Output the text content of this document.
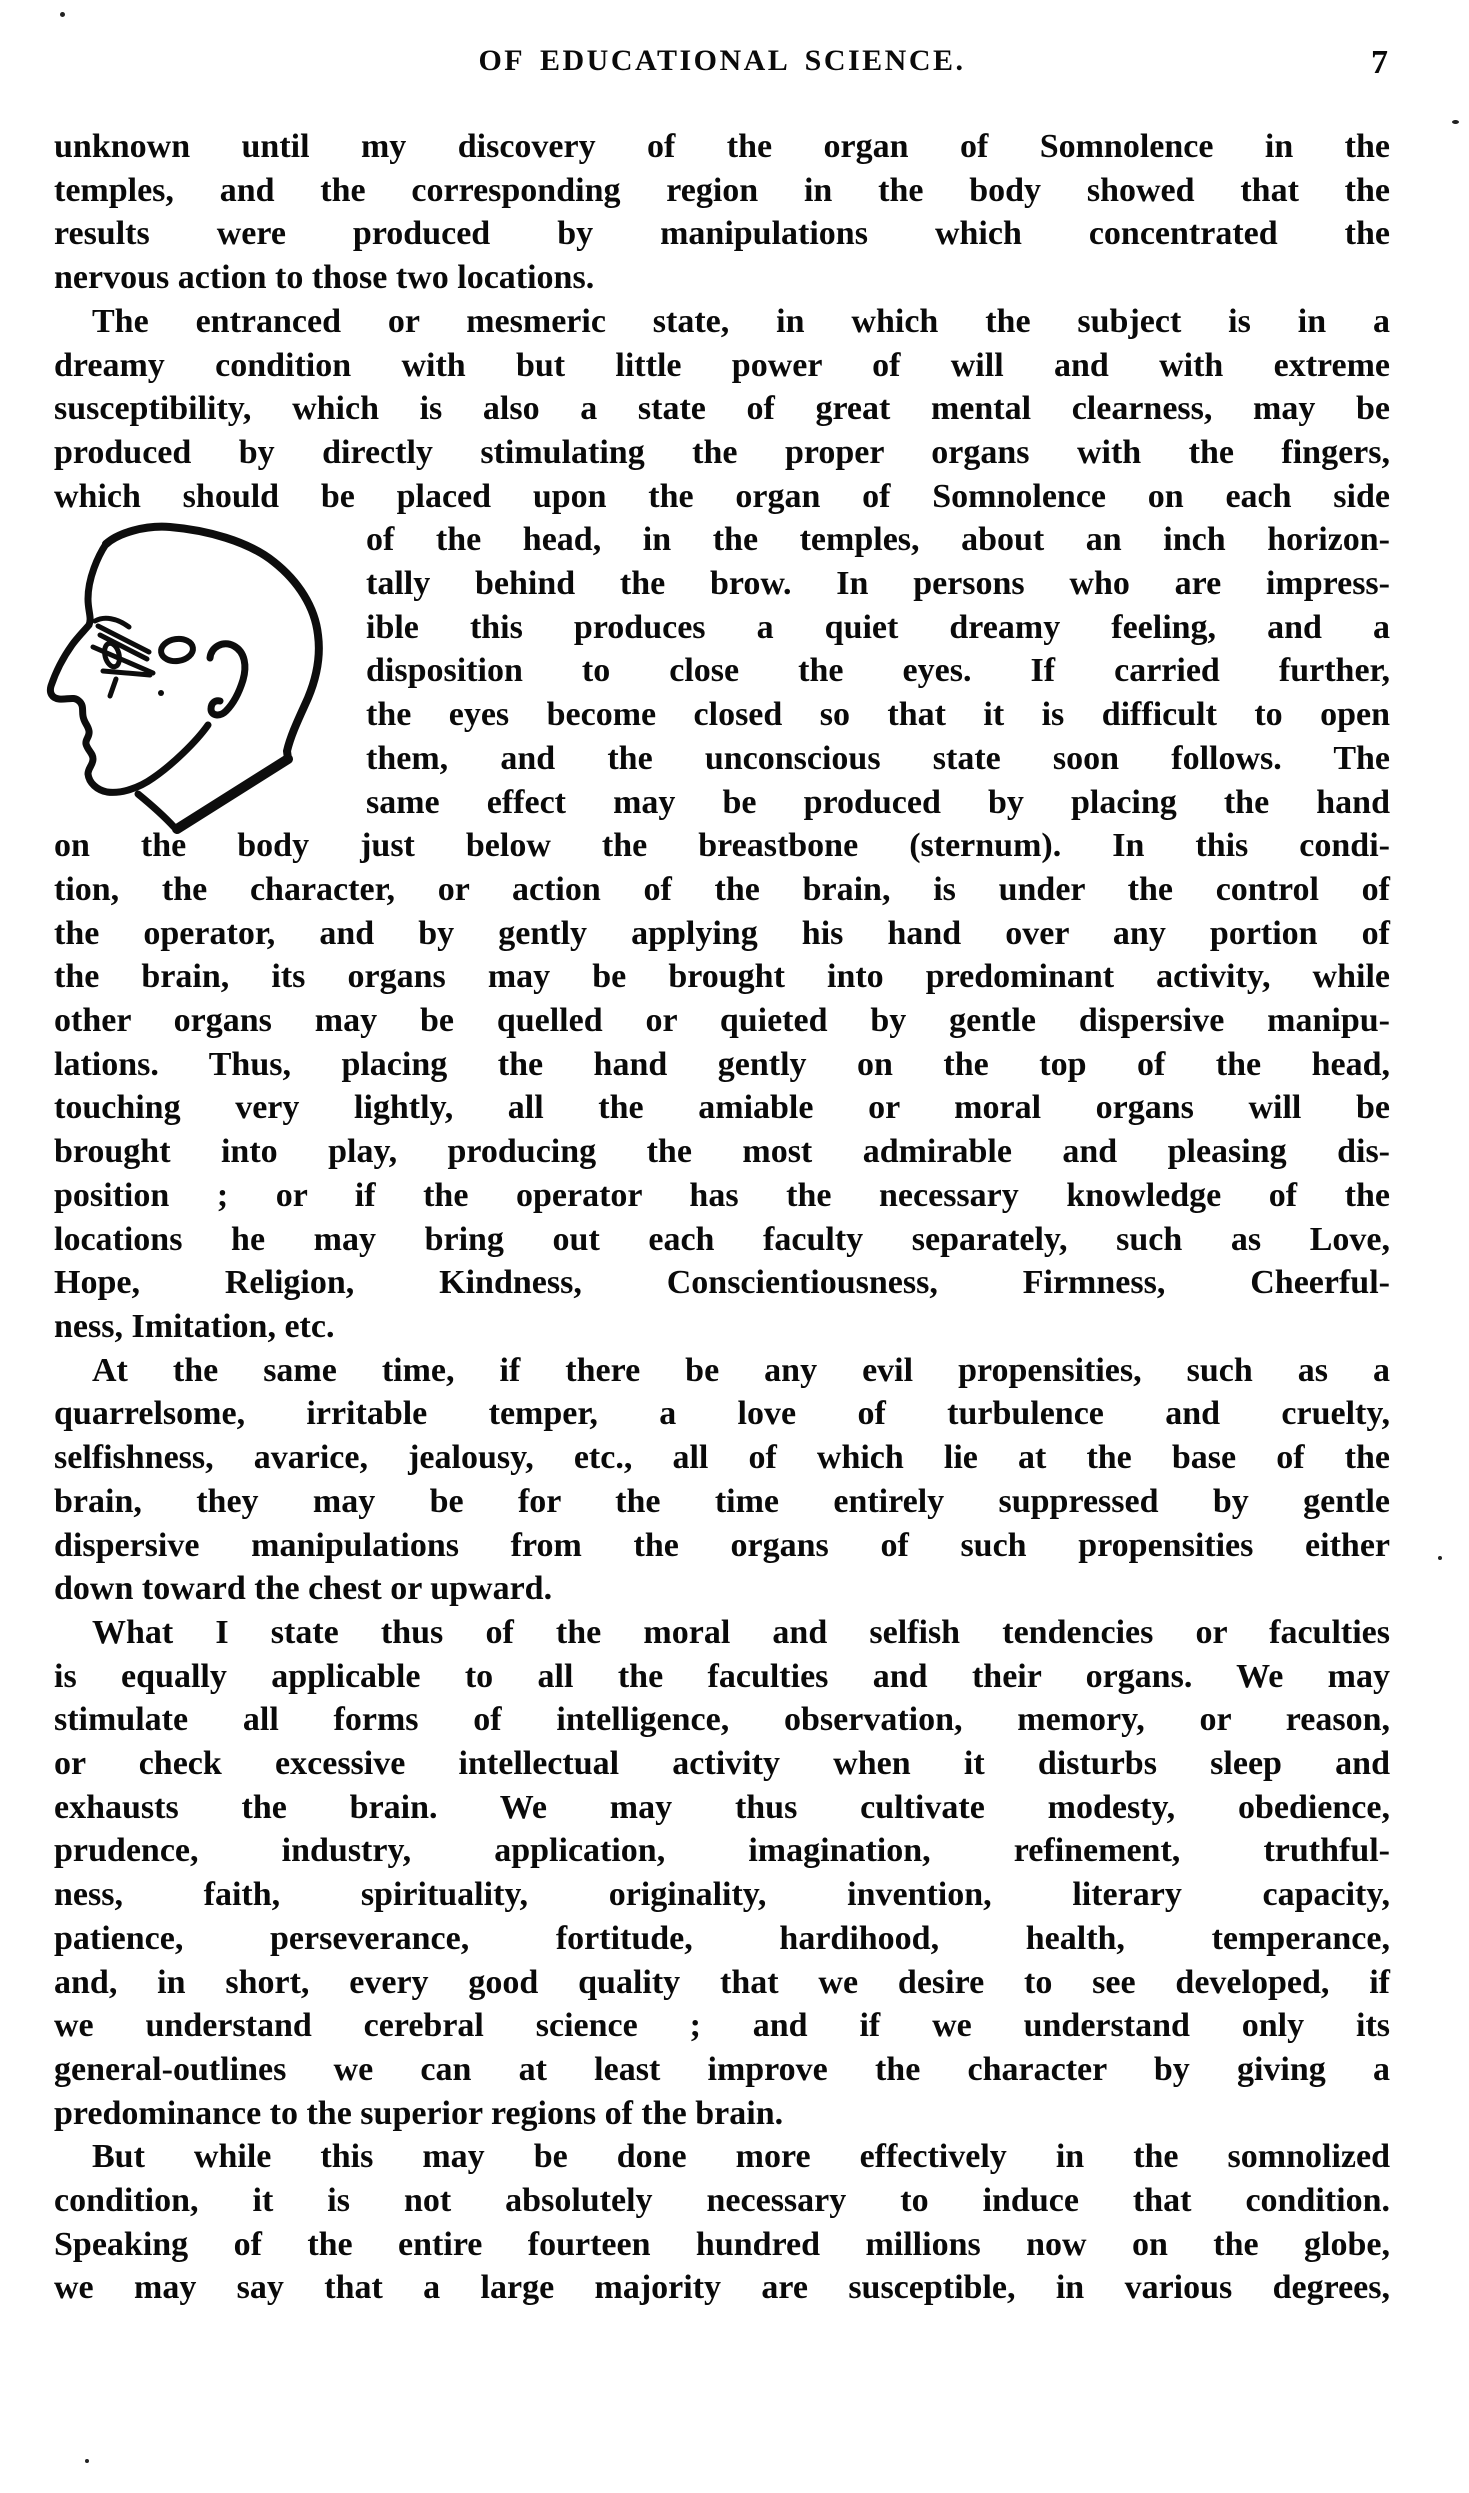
OF EDUCATIONAL SCIENCE.	7
unknown until my discovery of the organ of Somnolence in the
temples, and the corresponding region in the body showed that the
results were produced by manipulations which concentrated the
nervous action to those two locations.
The entranced or mesmeric state, in which the subject is in a
dreamy condition with but little power of will and with extreme
susceptibility, which is also a state of great mental clearness, may be
produced by directly stimulating the proper organs with the fingers,
which should be placed upon the organ of Somnolence on each side
of the head, in the temples, about an inch horizon-
tally behind the brow. In persons who are impress-
ible this produces a quiet dreamy feeling, and a
disposition to close the eyes. If carried further,
the eyes become closed so that it is difficult to open
them, and the unconscious state soon follows. The
same effect may be produced by placing the hand
on the body just below the breastbone (sternum). In this condi-
tion, the character, or action of the brain, is under the control of
the operator, and by gently applying his hand over any portion of
the brain, its organs may be brought into predominant activity, while
other organs may be quelled or quieted by gentle dispersive manipu-
lations. Thus, placing the hand gently on the top of the head,
touching very lightly, all the amiable or moral organs will be
brought into play, producing the most admirable and pleasing dis-
position ; or if the operator has the necessary knowledge of the
locations he may bring out each faculty separately, such as Love,
Hope, Religion, Kindness, Conscientiousness, Firmness, Cheerful-
ness, Imitation, etc.
At the same time, if there be any evil propensities, such as a
quarrelsome, irritable temper, a love of turbulence and cruelty,
selfishness, avarice, jealousy, etc., all of which lie at the base of the
brain, they may be for the time entirely suppressed by gentle
dispersive manipulations from the organs of such propensities either
down toward the chest or upward.
What I state thus of the moral and selfish tendencies or faculties
is equally applicable to all the faculties and their organs. We may
stimulate all forms of intelligence, observation, memory, or reason,
or check excessive intellectual activity when it disturbs sleep and
exhausts the brain. We may thus cultivate modesty, obedience,
prudence, industry, application, imagination, refinement, truthful-
ness, faith, spirituality, originality, invention, literary capacity,
patience, perseverance, fortitude, hardihood, health, temperance,
and, in short, every good quality that we desire to see developed, if
we understand cerebral science ; and if we understand only its
general-outlines we can at least improve the character by giving a
predominance to the superior regions of the brain.
But while this may be done more effectively in the somnolized
condition, it is not absolutely necessary to induce that condition.
Speaking of the entire fourteen hundred millions now on the globe,
we may say that a large majority are susceptible, in various degrees,
